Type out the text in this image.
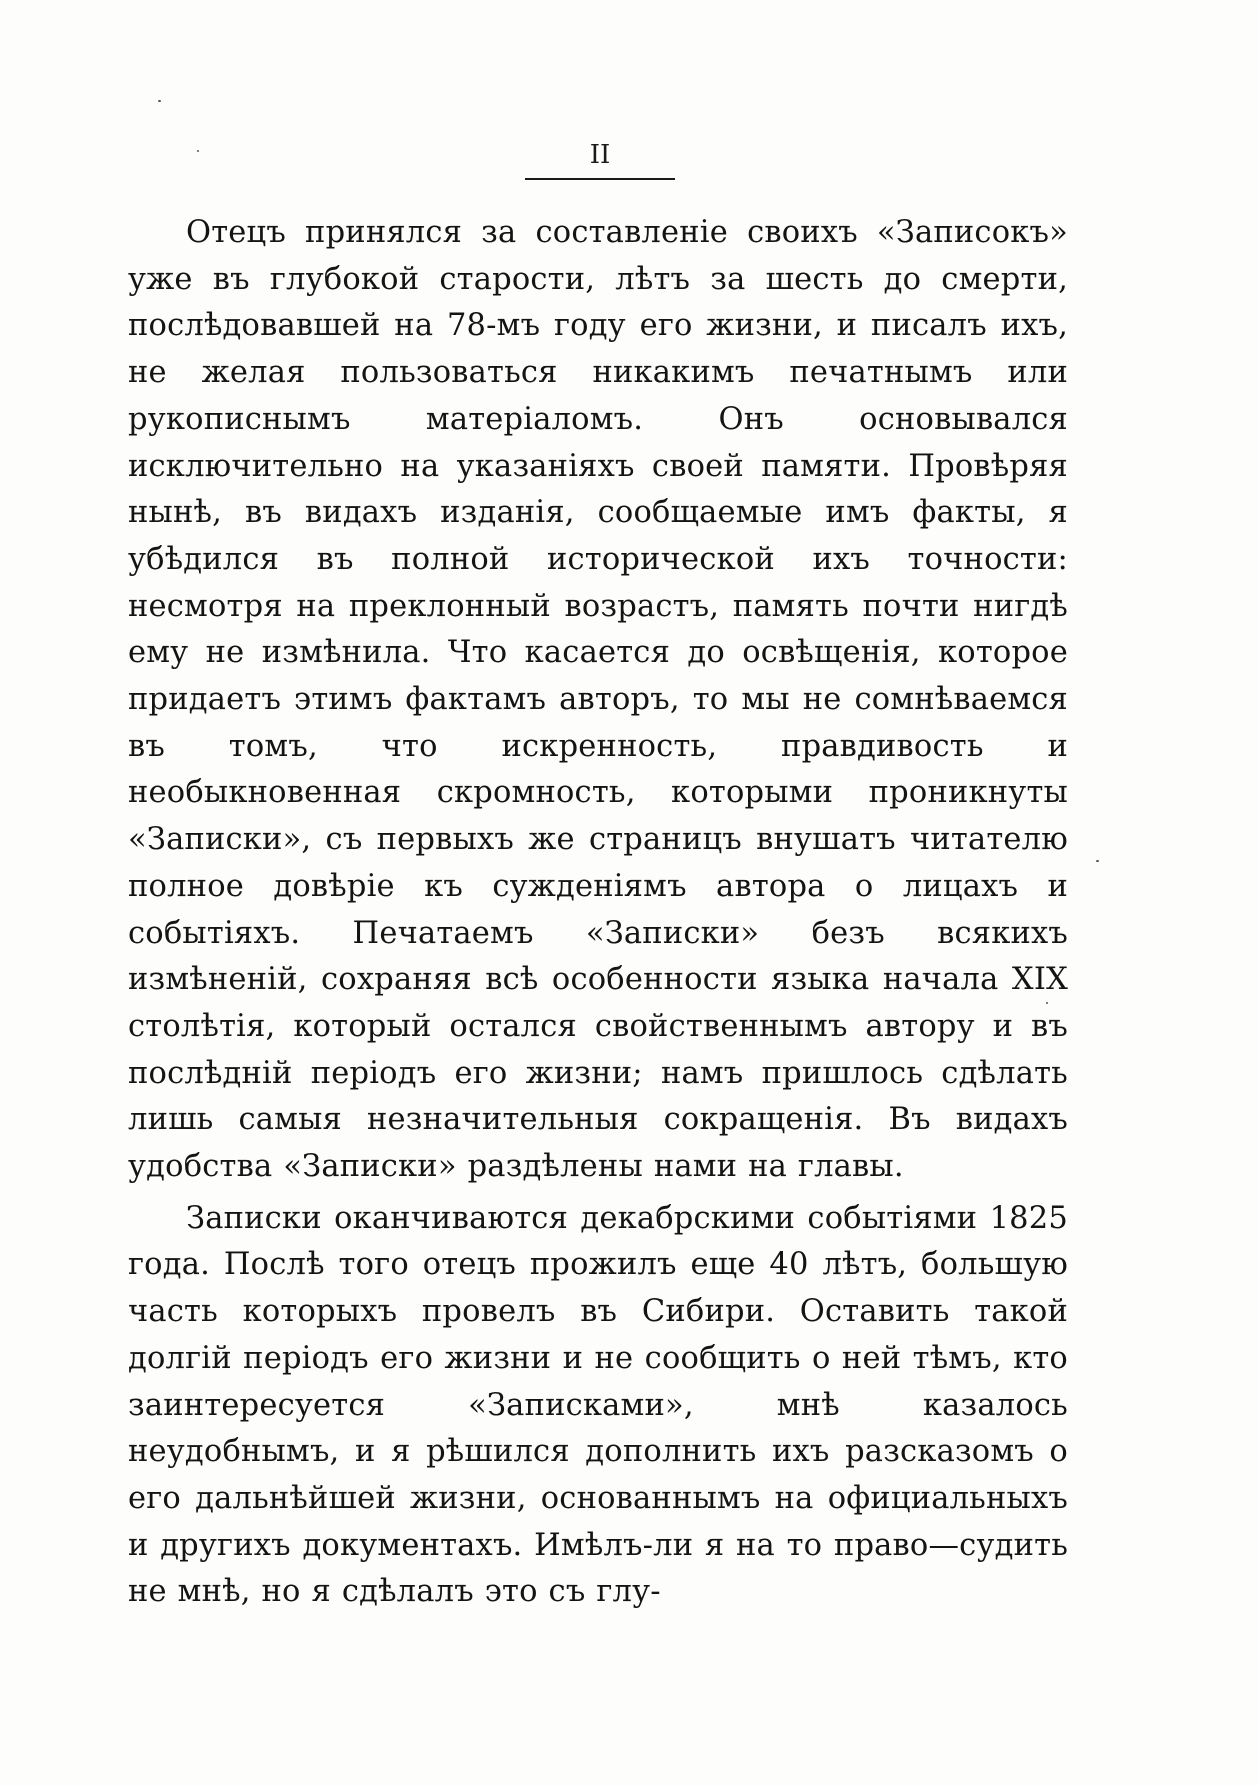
II

Отецъ принялся за составленіе своихъ «Записокъ» уже въ глубокой старости, лѣтъ за шесть до смерти, послѣдовавшей на 78-мъ году его жизни, и писалъ ихъ, не желая пользоваться никакимъ печатнымъ или рукописнымъ матеріаломъ. Онъ основывался исключительно на указаніяхъ своей памяти. Провѣряя нынѣ, въ видахъ изданія, сообщаемые имъ факты, я убѣдился въ полной исторической ихъ точности: несмотря на преклонный возрастъ, память почти нигдѣ ему не измѣнила. Что касается до освѣщенія, которое придаетъ этимъ фактамъ авторъ, то мы не сомнѣваемся въ томъ, что искренность, правдивость и необыкновенная скромность, которыми проникнуты «Записки», съ первыхъ же страницъ внушатъ читателю полное довѣріе къ сужденіямъ автора о лицахъ и событіяхъ. Печатаемъ «Записки» безъ всякихъ измѣненій, сохраняя всѣ особенности языка начала XIX столѣтія, который остался свойственнымъ автору и въ послѣдній періодъ его жизни; намъ пришлось сдѣлать лишь самыя незначительныя сокращенія. Въ видахъ удобства «Записки» раздѣлены нами на главы.

Записки оканчиваются декабрскими событіями 1825 года. Послѣ того отецъ прожилъ еще 40 лѣтъ, большую часть которыхъ провелъ въ Сибири. Оставить такой долгій періодъ его жизни и не сообщить о ней тѣмъ, кто заинтересуется «Записками», мнѣ казалось неудобнымъ, и я рѣшился дополнить ихъ разсказомъ о его дальнѣйшей жизни, основаннымъ на официальныхъ и другихъ документахъ. Имѣлъ-ли я на то право—судить не мнѣ, но я сдѣлалъ это съ глу-
